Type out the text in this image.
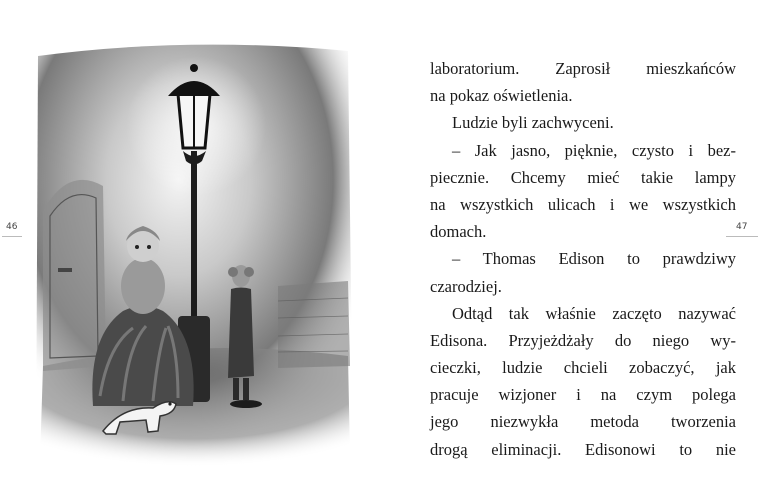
46	47
laboratorium. Zaprosił mieszkańców
na pokaz oświetlenia.
Ludzie byli zachwyceni.
– Jak jasno, pięknie, czysto i bez-
piecznie. Chcemy mieć takie lampy
na wszystkich ulicach i we wszystkich
domach.
– Thomas Edison to prawdziwy
czarodziej.
Odtąd tak właśnie zaczęto nazywać
Edisona. Przyjeżdżały do niego wy-
cieczki, ludzie chcieli zobaczyć, jak
pracuje wizjoner i na czym polega
jego niezwykła metoda tworzenia
drogą eliminacji. Edisonowi to nie
